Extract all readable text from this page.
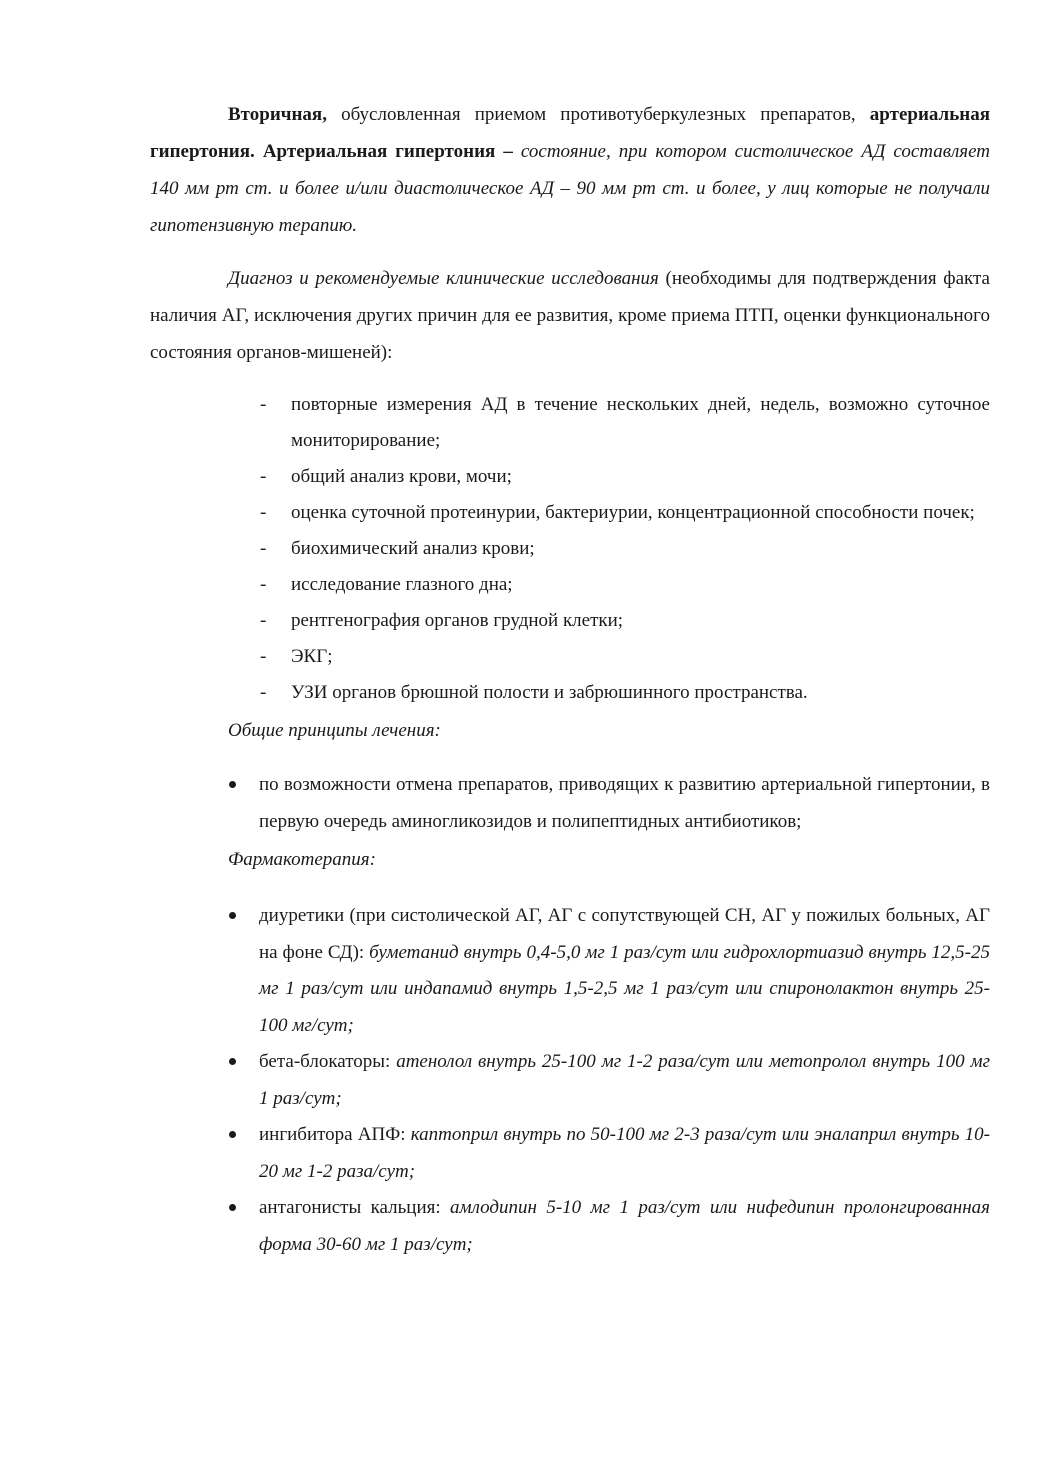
Вторичная, обусловленная приемом противотуберкулезных препаратов, артериальная гипертония. Артериальная гипертония – состояние, при котором систолическое АД составляет 140 мм рт ст. и более и/или диастолическое АД – 90 мм рт ст. и более, у лиц которые не получали гипотензивную терапию.

Диагноз и рекомендуемые клинические исследования (необходимы для подтверждения факта наличия АГ, исключения других причин для ее развития, кроме приема ПТП, оценки функционального состояния органов-мишеней):

- повторные измерения АД в течение нескольких дней, недель, возможно суточное мониторирование;
- общий анализ крови, мочи;
- оценка суточной протеинурии, бактериурии, концентрационной способности почек;
- биохимический анализ крови;
- исследование глазного дна;
- рентгенография органов грудной клетки;
- ЭКГ;
- УЗИ органов брюшной полости и забрюшинного пространства.

Общие принципы лечения:

по возможности отмена препаратов, приводящих к развитию артериальной гипертонии, в первую очередь аминогликозидов и полипептидных антибиотиков;

Фармакотерапия:

диуретики (при систолической АГ, АГ с сопутствующей СН, АГ у пожилых больных, АГ на фоне СД): буметанид внутрь 0,4-5,0 мг 1 раз/сут или гидрохлортиазид внутрь 12,5-25 мг 1 раз/сут или индапамид внутрь 1,5-2,5 мг 1 раз/сут или спиронолактон внутрь 25-100 мг/сут;
бета-блокаторы: атенолол внутрь 25-100 мг 1-2 раза/сут или метопролол внутрь 100 мг 1 раз/сут;
ингибитора АПФ: каптоприл внутрь по 50-100 мг 2-3 раза/сут или эналаприл внутрь 10-20 мг 1-2 раза/сут;
антагонисты кальция: амлодипин 5-10 мг 1 раз/сут или нифедипин пролонгированная форма 30-60 мг 1 раз/сут;
